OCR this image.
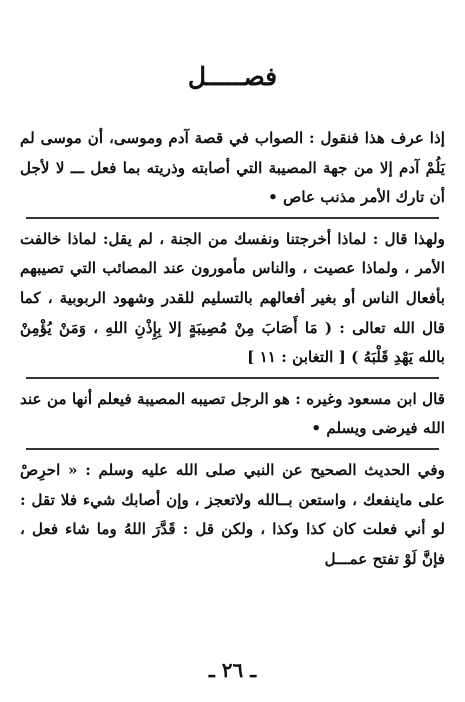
فصـــــل

إذا عرف هذا فنقول : الصواب في قصة آدم وموسى، أن موسى لم يَلُمْ آدم إلا من جهة المصيبة التي أصابته وذريته بما فعل ـــ لا لأجل أن تارك الأمر مذنب عاص •

ولهذا قال : لماذا أخرجتنا ونفسك من الجنة ، لم يقل: لماذا خالفت الأمر ، ولماذا عصيت ، والناس مأمورون عند المصائب التي تصيبهم بأفعال الناس أو بغير أفعالهم بالتسليم للقدر وشهود الربوبية ، كما قال الله تعالى : ( مَا أَصَابَ مِنْ مُصِيبَةٍ إلا بِإِذْنِ اللهِ ، وَمَنْ يُؤْمِنْ بالله يَهْدِ قَلْبَهُ ) [ التغابن : ١١ ]

قال ابن مسعود وغيره : هو الرجل تصيبه المصيبة فيعلم أنها من عند الله فيرضى ويسلم •

وفي الحديث الصحيح عن النبي صلى الله عليه وسلم : « احرِصْ على ماينفعك ، واستعن بــالله ولاتعجز ، وإن أصابك شيء فلا تقل : لو أني فعلت كان كذا وكذا ، ولكن قل : قَدَّرَ اللهُ وما شاء فعل ، فإنَّ لَوْ تفتح عمـــل

ـ ٢٦ ـ
